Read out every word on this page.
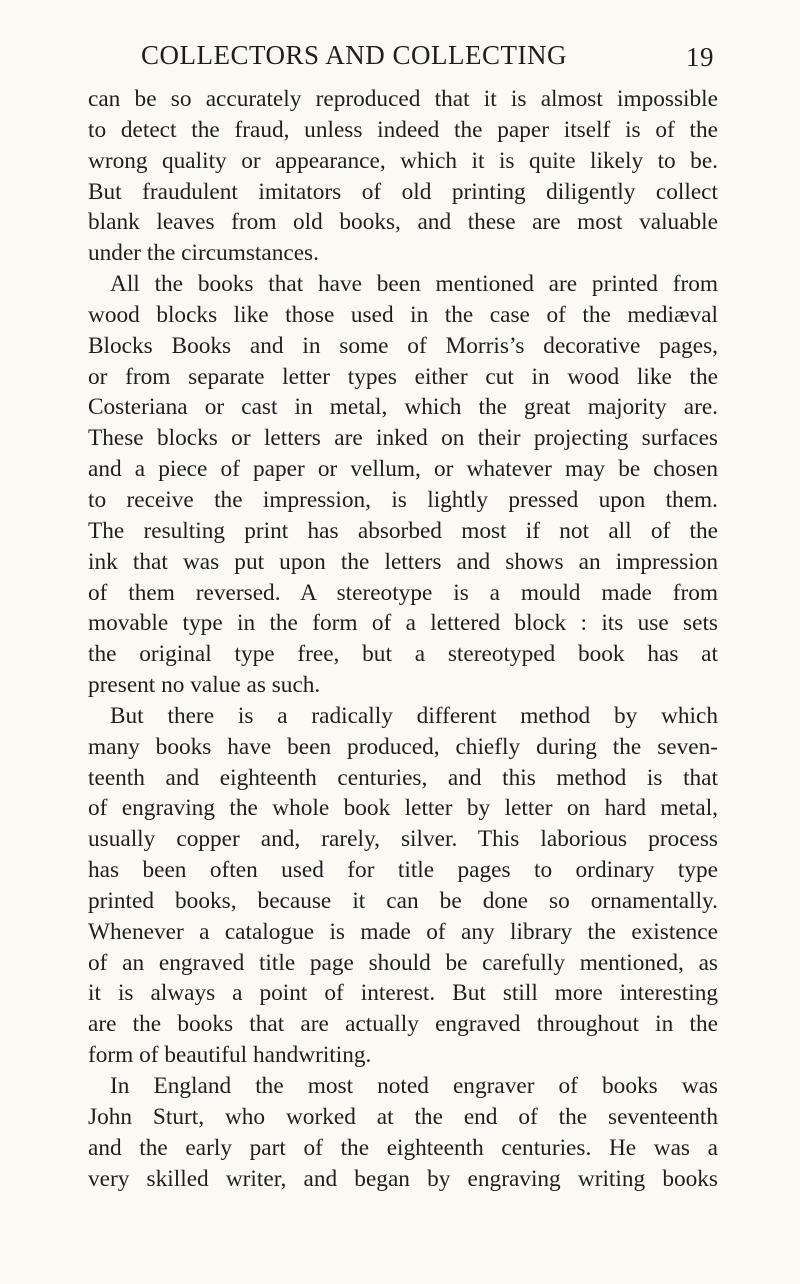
COLLECTORS AND COLLECTING	19

can be so accurately reproduced that it is almost impossible
to detect the fraud, unless indeed the paper itself is of the
wrong quality or appearance, which it is quite likely to be.
But fraudulent imitators of old printing diligently collect
blank leaves from old books, and these are most valuable
under the circumstances.

All the books that have been mentioned are printed from
wood blocks like those used in the case of the mediæval
Blocks Books and in some of Morris’s decorative pages,
or from separate letter types either cut in wood like the
Costeriana or cast in metal, which the great majority are.
These blocks or letters are inked on their projecting surfaces
and a piece of paper or vellum, or whatever may be chosen
to receive the impression, is lightly pressed upon them.
The resulting print has absorbed most if not all of the
ink that was put upon the letters and shows an impression
of them reversed. A stereotype is a mould made from
movable type in the form of a lettered block : its use sets
the original type free, but a stereotyped book has at
present no value as such.

But there is a radically different method by which
many books have been produced, chiefly during the seven-
teenth and eighteenth centuries, and this method is that
of engraving the whole book letter by letter on hard metal,
usually copper and, rarely, silver. This laborious process
has been often used for title pages to ordinary type
printed books, because it can be done so ornamentally.
Whenever a catalogue is made of any library the existence
of an engraved title page should be carefully mentioned, as
it is always a point of interest. But still more interesting
are the books that are actually engraved throughout in the
form of beautiful handwriting.

In England the most noted engraver of books was
John Sturt, who worked at the end of the seventeenth
and the early part of the eighteenth centuries. He was a
very skilled writer, and began by engraving writing books
